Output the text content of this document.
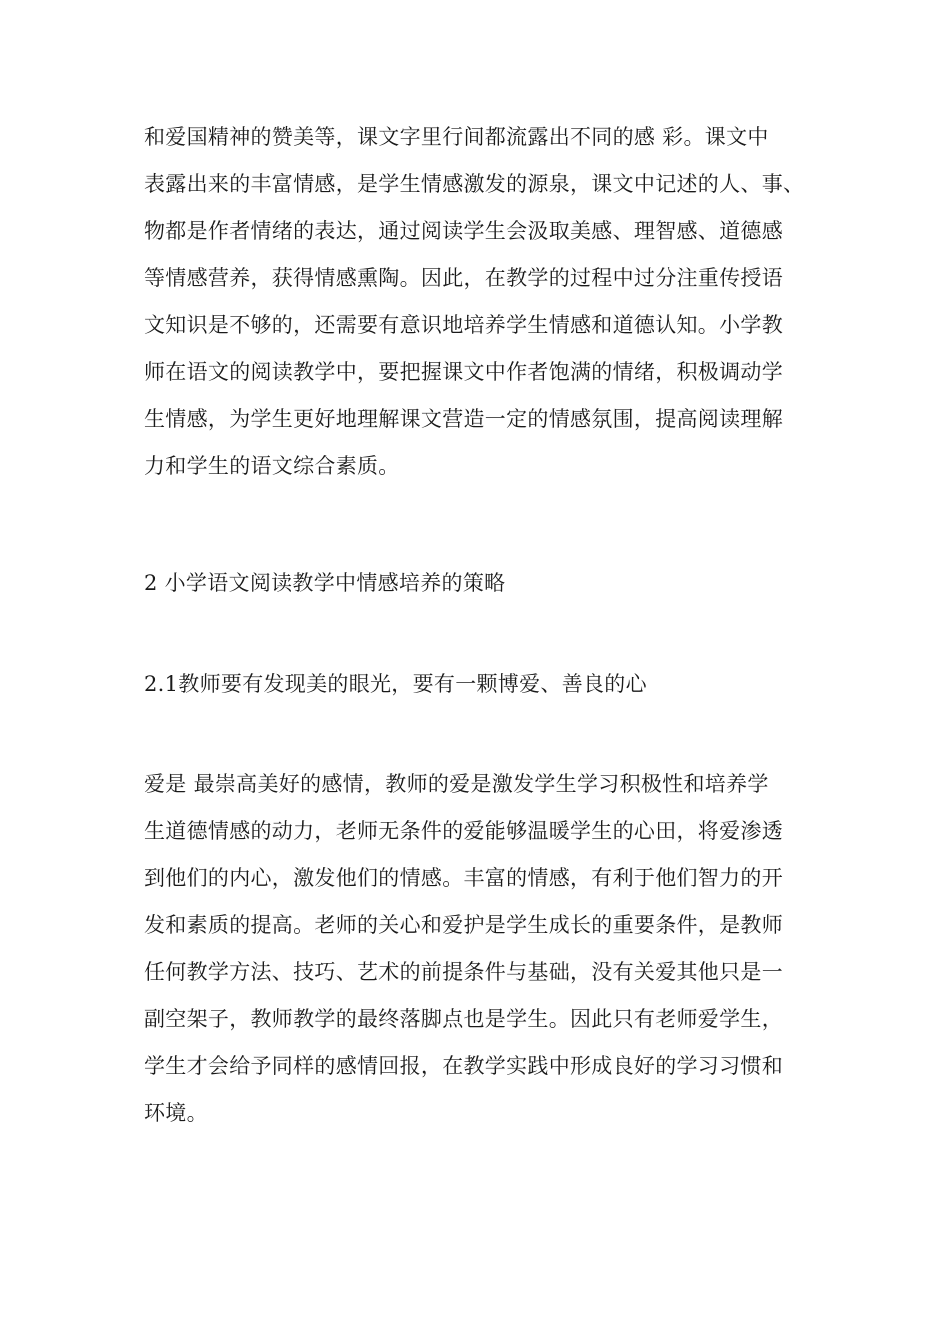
和爱国精神的赞美等，课文字里行间都流露出不同的感 彩。课文中
表露出来的丰富情感，是学生情感激发的源泉，课文中记述的人、事、
物都是作者情绪的表达，通过阅读学生会汲取美感、理智感、道德感
等情感营养，获得情感熏陶。因此，在教学的过程中过分注重传授语
文知识是不够的，还需要有意识地培养学生情感和道德认知。小学教
师在语文的阅读教学中，要把握课文中作者饱满的情绪，积极调动学
生情感，为学生更好地理解课文营造一定的情感氛围，提高阅读理解
力和学生的语文综合素质。
2 小学语文阅读教学中情感培养的策略
2.1教师要有发现美的眼光，要有一颗博爱、善良的心
爱是 最崇高美好的感情，教师的爱是激发学生学习积极性和培养学
生道德情感的动力，老师无条件的爱能够温暖学生的心田，将爱渗透
到他们的内心，激发他们的情感。丰富的情感，有利于他们智力的开
发和素质的提高。老师的关心和爱护是学生成长的重要条件，是教师
任何教学方法、技巧、艺术的前提条件与基础，没有关爱其他只是一
副空架子，教师教学的最终落脚点也是学生。因此只有老师爱学生，
学生才会给予同样的感情回报，在教学实践中形成良好的学习习惯和
环境。
